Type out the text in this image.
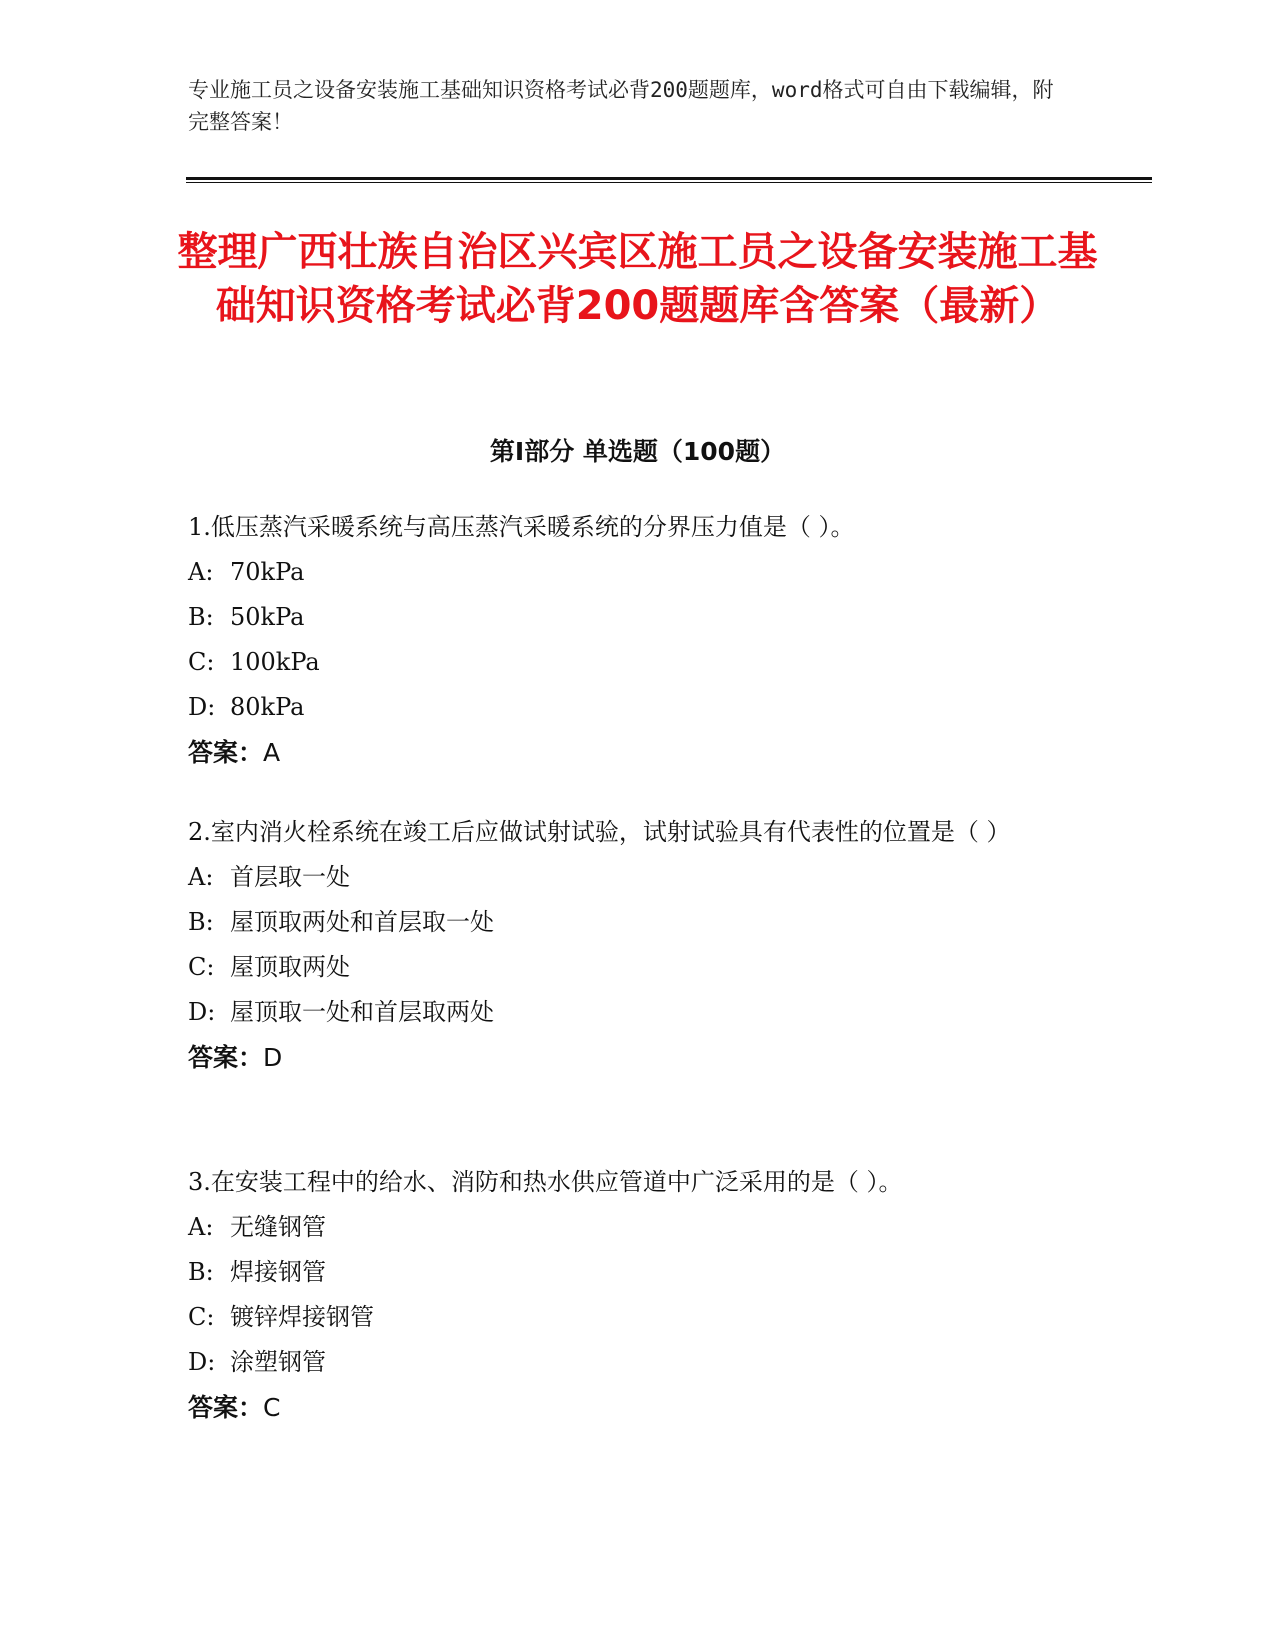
专业施工员之设备安装施工基础知识资格考试必背200题题库，word格式可自由下载编辑，附完整答案！
整理广西壮族自治区兴宾区施工员之设备安装施工基础知识资格考试必背200题题库含答案（最新）
第Ⅰ部分 单选题（100题）
1.低压蒸汽采暖系统与高压蒸汽采暖系统的分界压力值是（ ）。
A: 70kPa
B: 50kPa
C: 100kPa
D: 80kPa
答案：A
2.室内消火栓系统在竣工后应做试射试验，试射试验具有代表性的位置是（ ）
A: 首层取一处
B: 屋顶取两处和首层取一处
C: 屋顶取两处
D: 屋顶取一处和首层取两处
答案：D
3.在安装工程中的给水、消防和热水供应管道中广泛采用的是（ ）。
A: 无缝钢管
B: 焊接钢管
C: 镀锌焊接钢管
D: 涂塑钢管
答案：C
